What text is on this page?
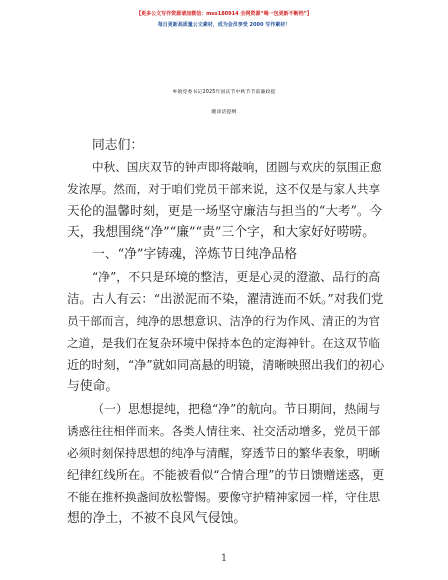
【更多公文写作资源请加微信：mso180914 全网资源“喝一包更新不断档”】
每日更新高质量公文素材，成为会员享受 2000 写作素材！
乡镇党委书记2025年国庆节中秋节节前廉政提
醒谈话提纲
同志们：
中秋、国庆双节的钟声即将敲响，团圆与欢庆的氛围正愈
发浓厚。然而，对于咱们党员干部来说，这不仅是与家人共享
天伦的温馨时刻，更是一场坚守廉洁与担当的“大考”。今
天，我想围绕“净”“廉”“责”三个字，和大家好好唠唠。
一、“净”字铸魂，淬炼节日纯净品格
“净”，不只是环境的整洁，更是心灵的澄澈、品行的高
洁。古人有云：“出淤泥而不染，濯清涟而不妖。”对我们党
员干部而言，纯净的思想意识、洁净的行为作风、清正的为官
之道，是我们在复杂环境中保持本色的定海神针。在这双节临
近的时刻，“净”就如同高悬的明镜，清晰映照出我们的初心
与使命。
（一）思想提纯，把稳“净”的航向。节日期间，热闹与
诱惑往往相伴而来。各类人情往来、社交活动增多，党员干部
必须时刻保持思想的纯净与清醒，穿透节日的繁华表象，明晰
纪律红线所在。不能被看似“合情合理”的节日馈赠迷惑，更
不能在推杯换盏间放松警惕。要像守护精神家园一样，守住思
想的净土，不被不良风气侵蚀。
1
